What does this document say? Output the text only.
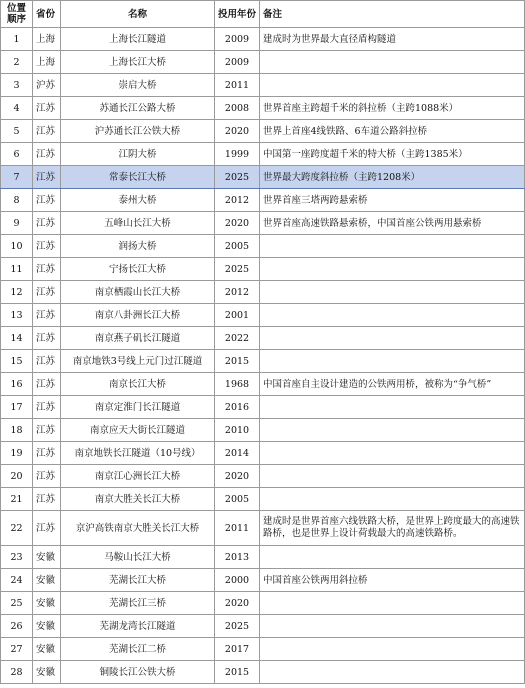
位置
顺序	省份	名称	投用年份	备注
1	上海	上海长江隧道	2009	建成时为世界最大直径盾构隧道
2	上海	上海长江大桥	2009	
3	沪苏	崇启大桥	2011	
4	江苏	苏通长江公路大桥	2008	世界首座主跨超千米的斜拉桥（主跨1088米）
5	江苏	沪苏通长江公铁大桥	2020	世界上首座4线铁路、6车道公路斜拉桥
6	江苏	江阴大桥	1999	中国第一座跨度超千米的特大桥（主跨1385米）
7	江苏	常泰长江大桥	2025	世界最大跨度斜拉桥（主跨1208米）
8	江苏	泰州大桥	2012	世界首座三塔两跨悬索桥
9	江苏	五峰山长江大桥	2020	世界首座高速铁路悬索桥，中国首座公铁两用悬索桥
10	江苏	润扬大桥	2005	
11	江苏	宁扬长江大桥	2025	
12	江苏	南京栖霞山长江大桥	2012	
13	江苏	南京八卦洲长江大桥	2001	
14	江苏	南京燕子矶长江隧道	2022	
15	江苏	南京地铁3号线上元门过江隧道	2015	
16	江苏	南京长江大桥	1968	中国首座自主设计建造的公铁两用桥，被称为“争气桥”
17	江苏	南京定淮门长江隧道	2016	
18	江苏	南京应天大街长江隧道	2010	
19	江苏	南京地铁长江隧道（10号线）	2014	
20	江苏	南京江心洲长江大桥	2020	
21	江苏	南京大胜关长江大桥	2005	
22	江苏	京沪高铁南京大胜关长江大桥	2011	建成时是世界首座六线铁路大桥，是世界上跨度最大的高速铁路桥，也是世界上设计荷载最大的高速铁路桥。
23	安徽	马鞍山长江大桥	2013	
24	安徽	芜湖长江大桥	2000	中国首座公铁两用斜拉桥
25	安徽	芜湖长江三桥	2020	
26	安徽	芜湖龙湾长江隧道	2025	
27	安徽	芜湖长江二桥	2017	
28	安徽	铜陵长江公铁大桥	2015	
